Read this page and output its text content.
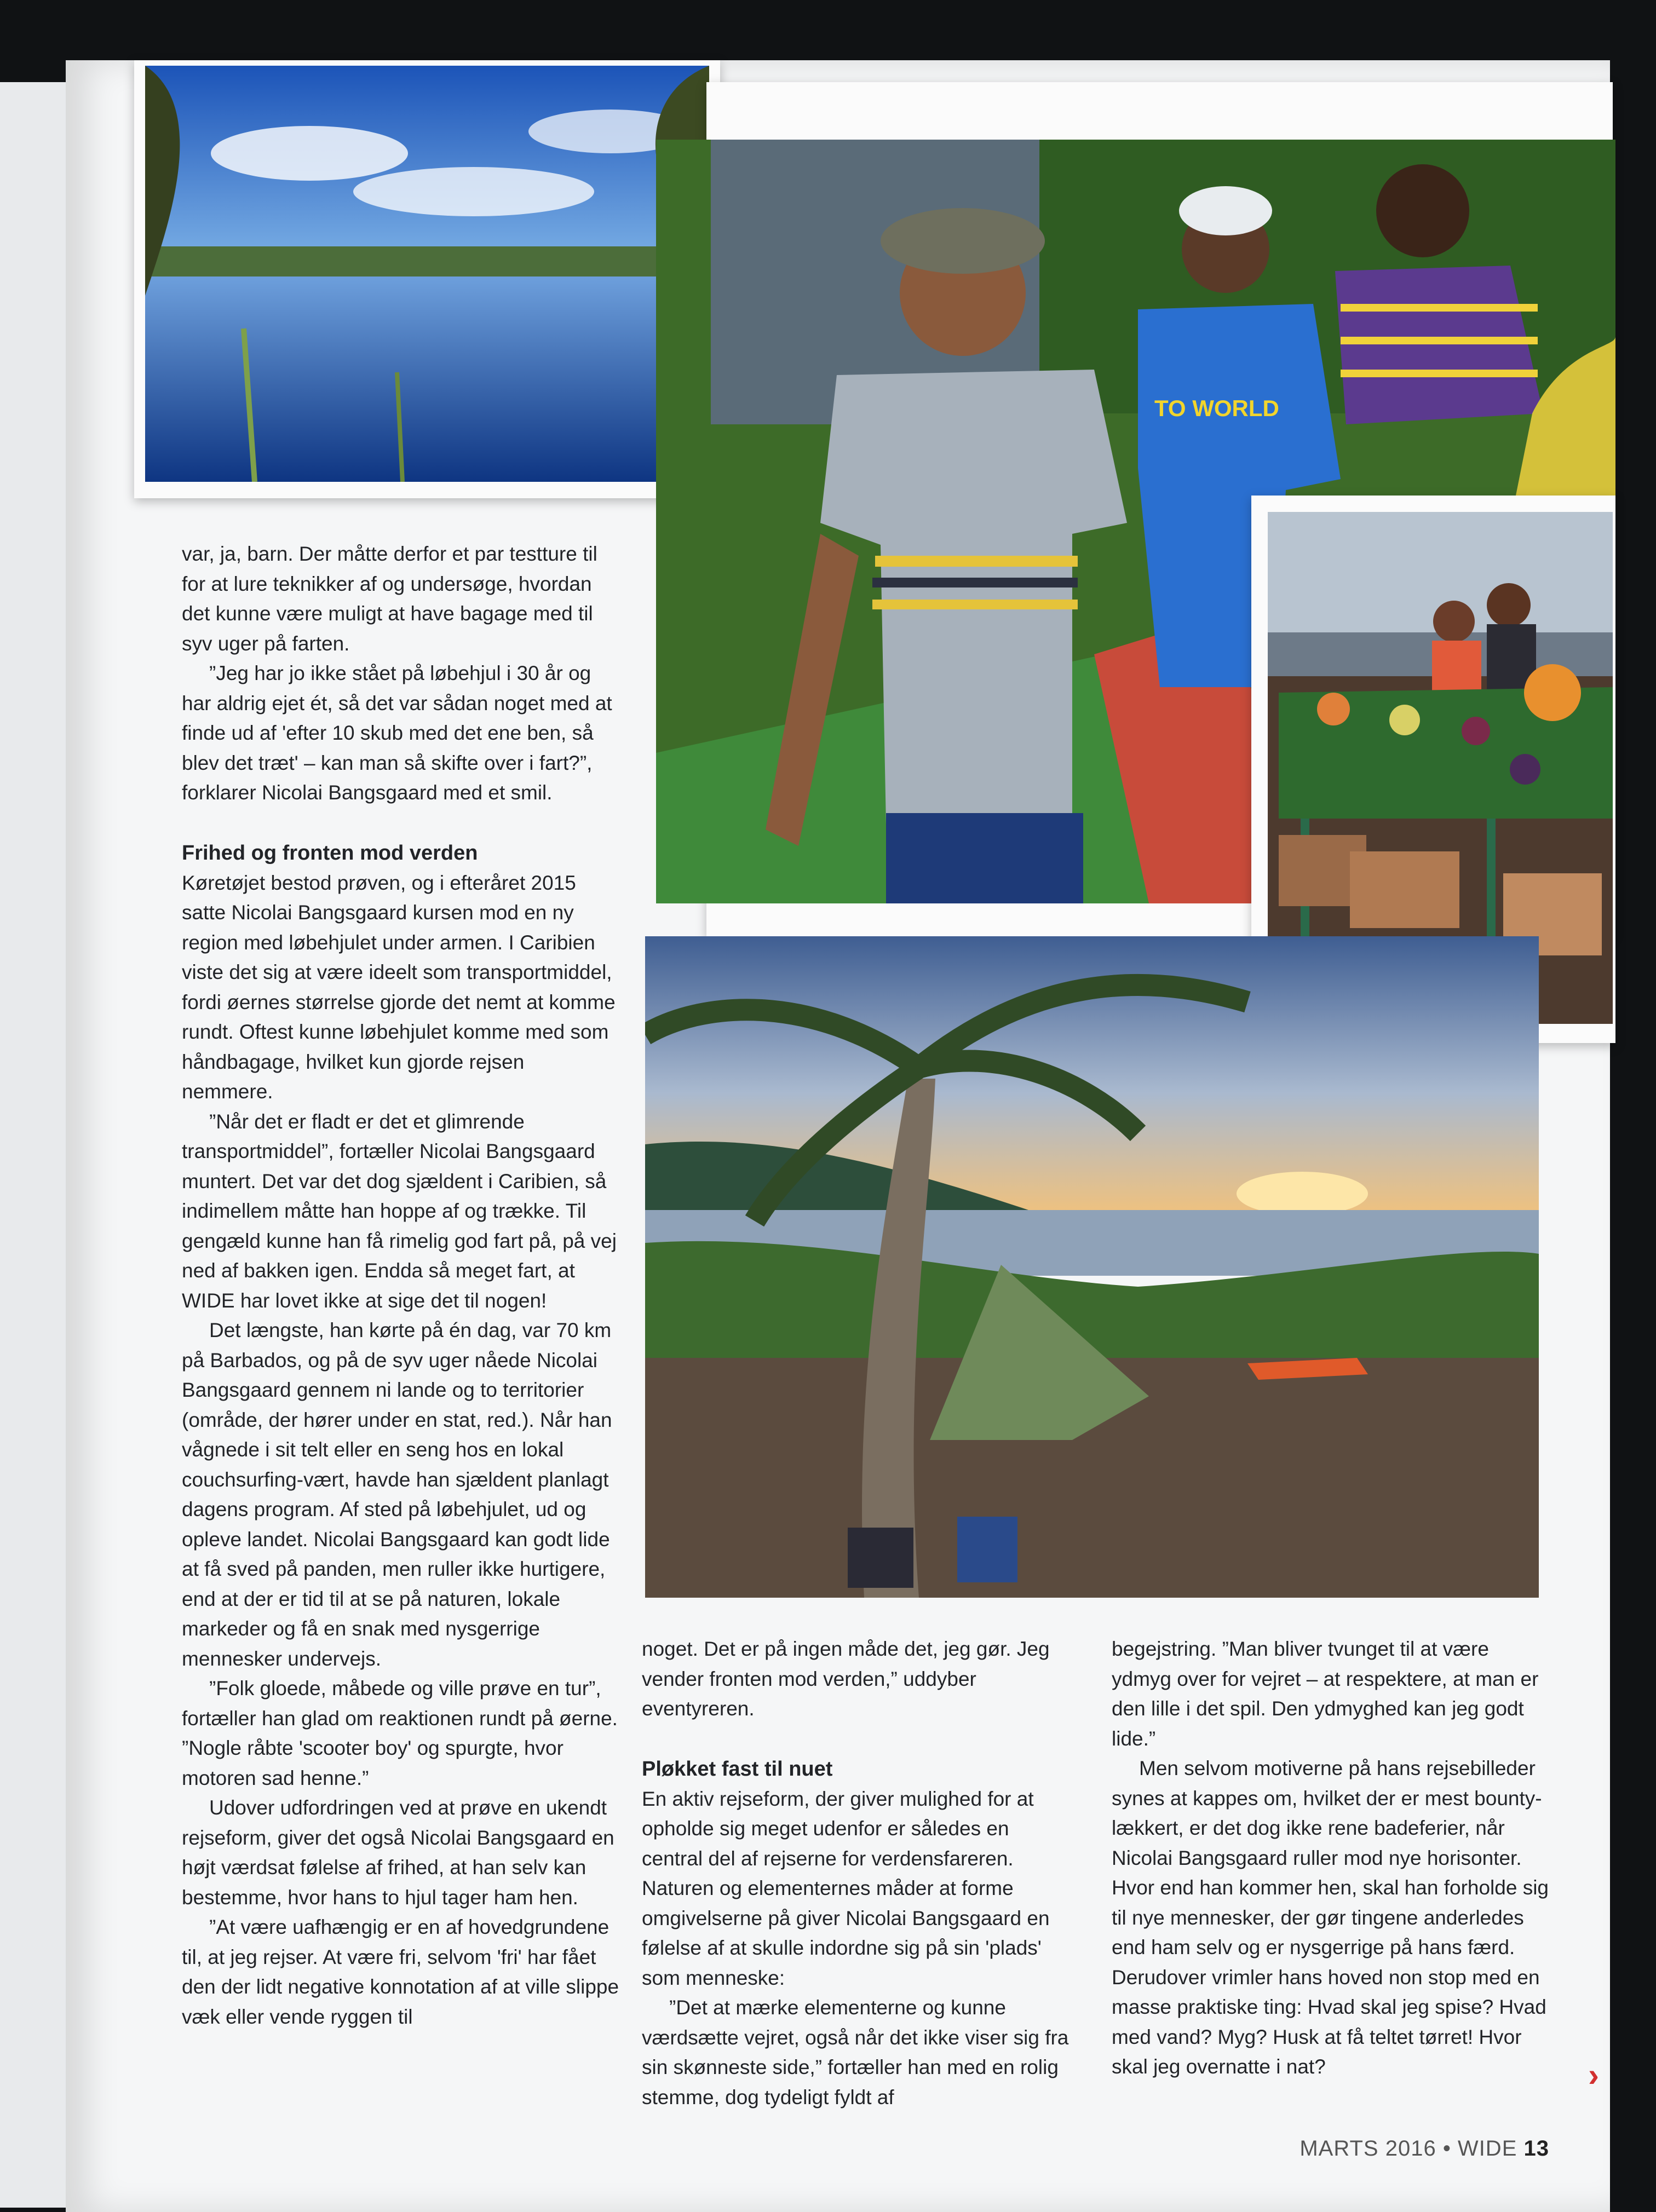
TO WORLD

var, ja, barn. Der måtte derfor et par testture til for at lure teknikker af og undersøge, hvordan det kunne være muligt at have bagage med til syv uger på farten.

”Jeg har jo ikke stået på løbehjul i 30 år og har aldrig ejet ét, så det var sådan noget med at finde ud af 'efter 10 skub med det ene ben, så blev det træt' – kan man så skifte over i fart?”, forklarer Nicolai Bangsgaard med et smil.

Frihed og fronten mod verden

Køretøjet bestod prøven, og i efteråret 2015 satte Nicolai Bangsgaard kursen mod en ny region med løbehjulet under armen. I Caribien viste det sig at være ideelt som transportmiddel, fordi øernes størrelse gjorde det nemt at komme rundt. Oftest kunne løbehjulet komme med som håndbagage, hvilket kun gjorde rejsen nemmere.

”Når det er fladt er det et glimrende transportmiddel”, fortæller Nicolai Bangsgaard muntert. Det var det dog sjældent i Caribien, så indimellem måtte han hoppe af og trække. Til gengæld kunne han få rimelig god fart på, på vej ned af bakken igen. Endda så meget fart, at WIDE har lovet ikke at sige det til nogen!

Det længste, han kørte på én dag, var 70 km på Barbados, og på de syv uger nåede Nicolai Bangsgaard gennem ni lande og to territorier (område, der hører under en stat, red.). Når han vågnede i sit telt eller en seng hos en lokal couchsurfing-vært, havde han sjældent planlagt dagens program. Af sted på løbehjulet, ud og opleve landet. Nicolai Bangsgaard kan godt lide at få sved på panden, men ruller ikke hurtigere, end at der er tid til at se på naturen, lokale markeder og få en snak med nysgerrige mennesker undervejs.

”Folk gloede, måbede og ville prøve en tur”, fortæller han glad om reaktionen rundt på øerne. ”Nogle råbte 'scooter boy' og spurgte, hvor motoren sad henne.”

Udover udfordringen ved at prøve en ukendt rejseform, giver det også Nicolai Bangsgaard en højt værdsat følelse af frihed, at han selv kan bestemme, hvor hans to hjul tager ham hen.

”At være uafhængig er en af hovedgrundene til, at jeg rejser. At være fri, selvom 'fri' har fået den der lidt negative konnotation af at ville slippe væk eller vende ryggen til

noget. Det er på ingen måde det, jeg gør. Jeg vender fronten mod verden,” uddyber eventyreren.

Pløkket fast til nuet

En aktiv rejseform, der giver mulighed for at opholde sig meget udenfor er således en central del af rejserne for verdensfareren. Naturen og elementernes måder at forme omgivelserne på giver Nicolai Bangsgaard en følelse af at skulle indordne sig på sin 'plads' som menneske:

”Det at mærke elementerne og kunne værdsætte vejret, også når det ikke viser sig fra sin skønneste side,” fortæller han med en rolig stemme, dog tydeligt fyldt af

begejstring. ”Man bliver tvunget til at være ydmyg over for vejret – at respektere, at man er den lille i det spil. Den ydmyghed kan jeg godt lide.”

Men selvom motiverne på hans rejsebilleder synes at kappes om, hvilket der er mest bounty-lækkert, er det dog ikke rene badeferier, når Nicolai Bangsgaard ruller mod nye horisonter. Hvor end han kommer hen, skal han forholde sig til nye mennesker, der gør tingene anderledes end ham selv og er nysgerrige på hans færd. Derudover vrimler hans hoved non stop med en masse praktiske ting: Hvad skal jeg spise? Hvad med vand? Myg? Husk at få teltet tørret! Hvor skal jeg overnatte i nat?	›
MARTS 2016 • WIDE 13
